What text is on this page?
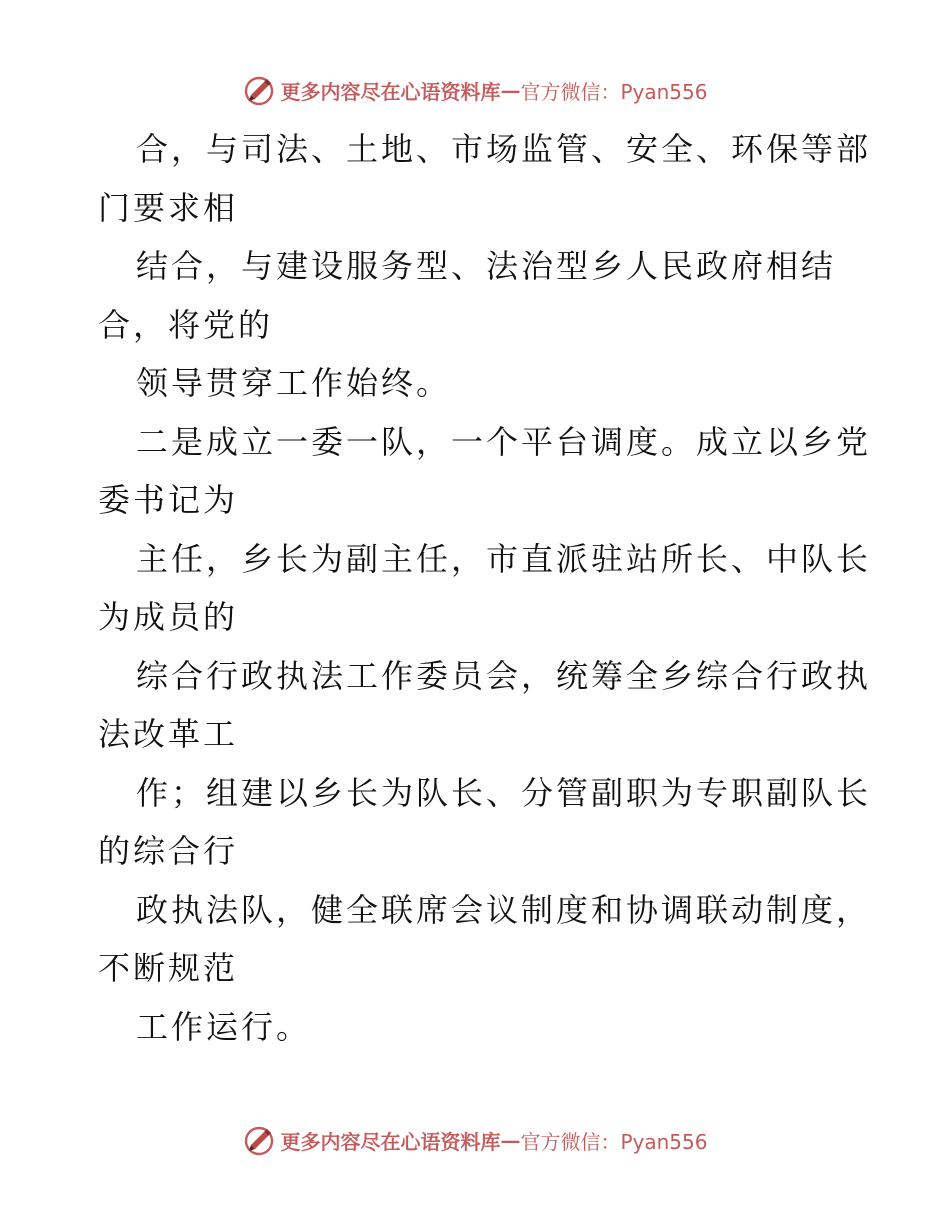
更多内容尽在心语资料库 — 官方微信：Pyan556
合，与司法、土地、市场监管、安全、环保等部
门要求相
结合，与建设服务型、法治型乡人民政府相结
合，将党的
领导贯穿工作始终。
二是成立一委一队，一个平台调度。成立以乡党
委书记为
主任，乡长为副主任，市直派驻站所长、中队长
为成员的
综合行政执法工作委员会，统筹全乡综合行政执
法改革工
作；组建以乡长为队长、分管副职为专职副队长
的综合行
政执法队，健全联席会议制度和协调联动制度，
不断规范
工作运行。
更多内容尽在心语资料库 — 官方微信：Pyan556
